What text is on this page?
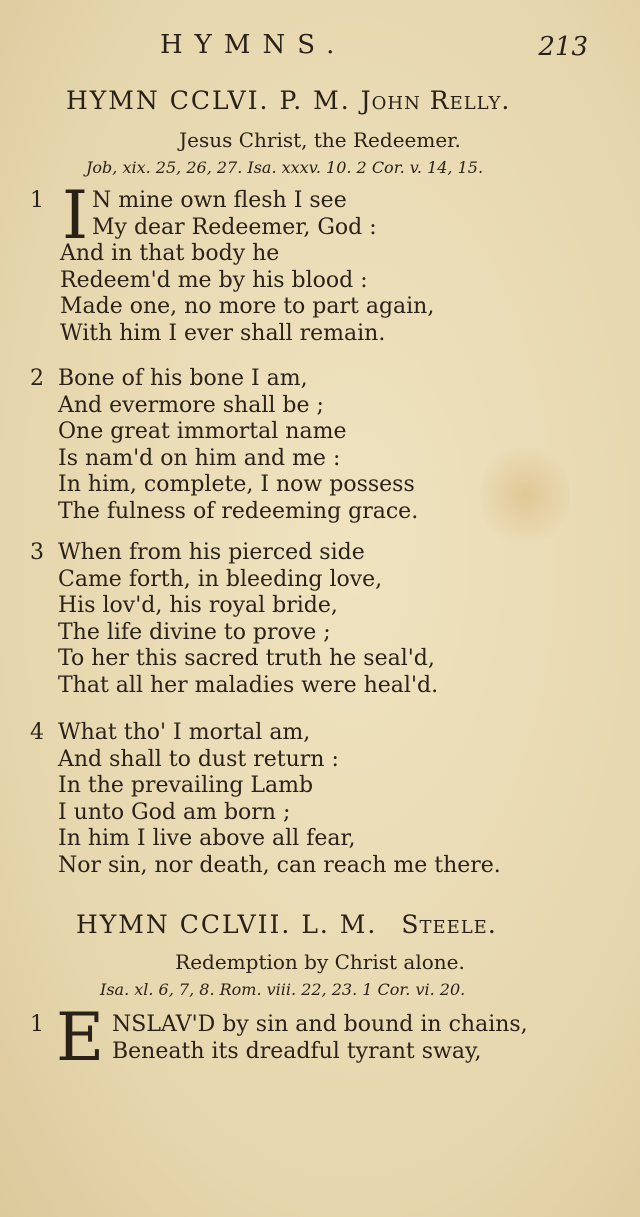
HYMNS.	213
HYMN CCLVI. P. M. John Relly.
Jesus Christ, the Redeemer.
Job, xix. 25, 26, 27. Isa. xxxv. 10. 2 Cor. v. 14, 15.
1 I N mine own flesh I see
My dear Redeemer, God :
And in that body he
Redeem'd me by his blood :
Made one, no more to part again,
With him I ever shall remain.
2 Bone of his bone I am,
And evermore shall be ;
One great immortal name
Is nam'd on him and me :
In him, complete, I now possess
The fulness of redeeming grace.
3 When from his pierced side
Came forth, in bleeding love,
His lov'd, his royal bride,
The life divine to prove ;
To her this sacred truth he seal'd,
That all her maladies were heal'd.
4 What tho' I mortal am,
And shall to dust return :
In the prevailing Lamb
I unto God am born ;
In him I live above all fear,
Nor sin, nor death, can reach me there.
HYMN CCLVII. L. M. Steele.
Redemption by Christ alone.
Isa. xl. 6, 7, 8. Rom. viii. 22, 23. 1 Cor. vi. 20.
1 E NSLAV'D by sin and bound in chains,
Beneath its dreadful tyrant sway,
